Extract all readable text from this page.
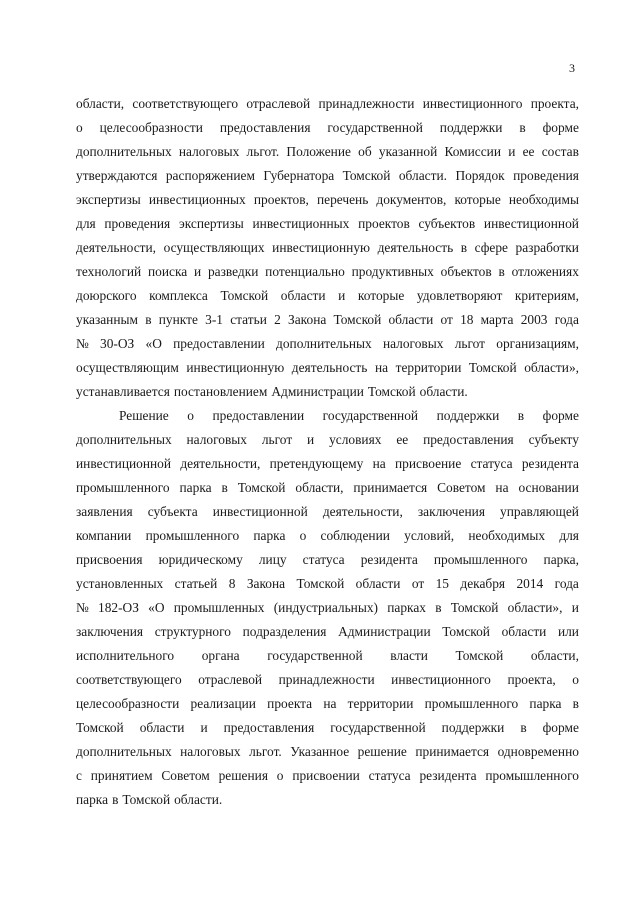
3
области, соответствующего отраслевой принадлежности инвестиционного проекта,
о целесообразности предоставления государственной поддержки в форме
дополнительных налоговых льгот. Положение об указанной Комиссии и ее состав
утверждаются распоряжением Губернатора Томской области. Порядок проведения
экспертизы инвестиционных проектов, перечень документов, которые необходимы
для проведения экспертизы инвестиционных проектов субъектов инвестиционной
деятельности, осуществляющих инвестиционную деятельность в сфере разработки
технологий поиска и разведки потенциально продуктивных объектов в отложениях
доюрского комплекса Томской области и которые удовлетворяют критериям,
указанным в пункте 3-1 статьи 2 Закона Томской области от 18 марта 2003 года
№ 30-ОЗ «О предоставлении дополнительных налоговых льгот организациям,
осуществляющим инвестиционную деятельность на территории Томской области»,
устанавливается постановлением Администрации Томской области.
Решение о предоставлении государственной поддержки в форме
дополнительных налоговых льгот и условиях ее предоставления субъекту
инвестиционной деятельности, претендующему на присвоение статуса резидента
промышленного парка в Томской области, принимается Советом на основании
заявления субъекта инвестиционной деятельности, заключения управляющей
компании промышленного парка о соблюдении условий, необходимых для
присвоения юридическому лицу статуса резидента промышленного парка,
установленных статьей 8 Закона Томской области от 15 декабря 2014 года
№ 182-ОЗ «О промышленных (индустриальных) парках в Томской области», и
заключения структурного подразделения Администрации Томской области или
исполнительного органа государственной власти Томской области,
соответствующего отраслевой принадлежности инвестиционного проекта, о
целесообразности реализации проекта на территории промышленного парка в
Томской области и предоставления государственной поддержки в форме
дополнительных налоговых льгот. Указанное решение принимается одновременно
с принятием Советом решения о присвоении статуса резидента промышленного
парка в Томской области.
